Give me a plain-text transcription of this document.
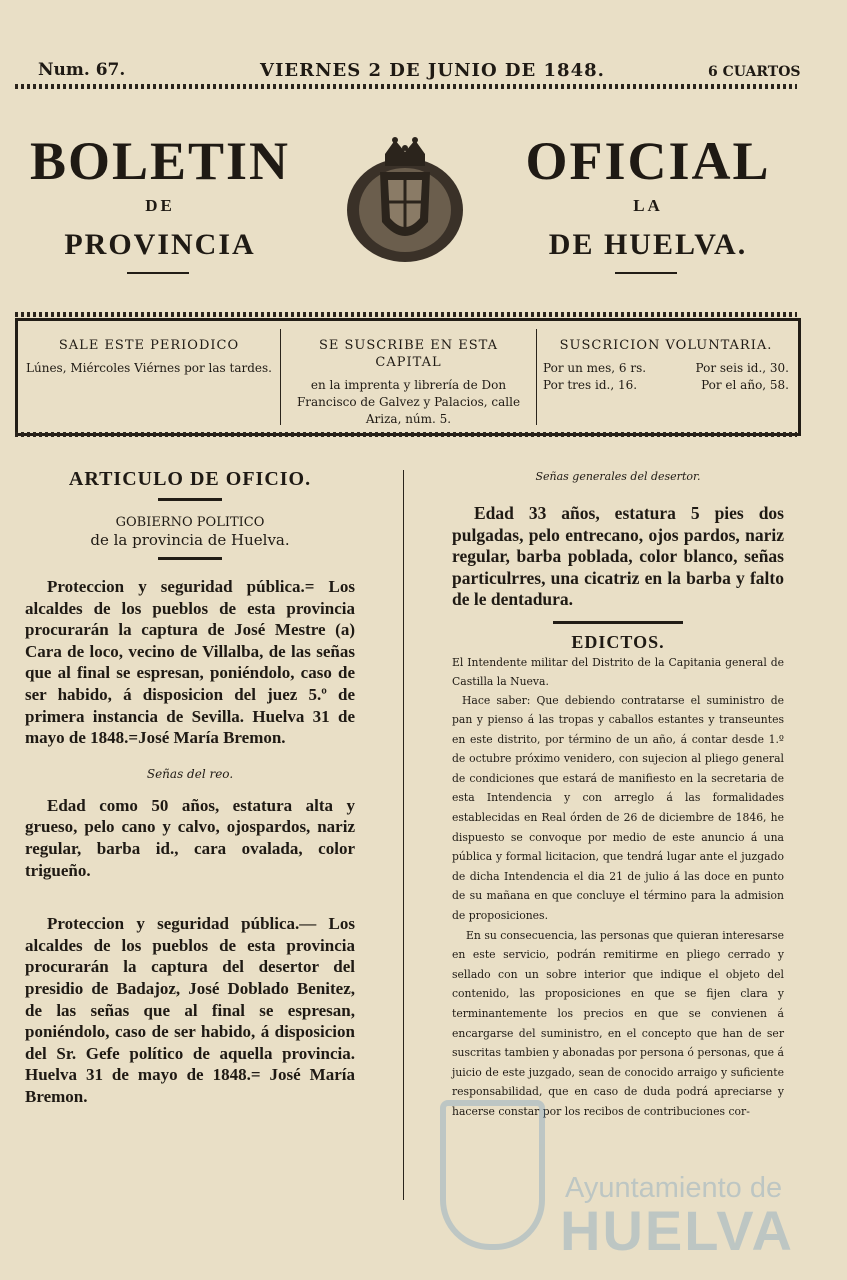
Num. 67.	VIERNES 2 DE JUNIO DE 1848.	6 CUARTOS
BOLETIN
DE
PROVINCIA
OFICIAL
LA
DE HUELVA.
SALE ESTE PERIODICO
Lúnes, Miércoles Viérnes por las tardes.
SE SUSCRIBE EN ESTA CAPITAL
en la imprenta y librería de Don Francisco de Galvez y Palacios, calle Ariza, núm. 5.
SUSCRICION VOLUNTARIA.
Por un mes, 6 rs.	Por seis id., 30.
Por tres id., 16.	Por el año, 58.
ARTICULO DE OFICIO.
GOBIERNO POLITICO
de la provincia de Huelva.
Proteccion y seguridad pública.= Los alcaldes de los pueblos de esta provincia procurarán la captura de José Mestre (a) Cara de loco, vecino de Villalba, de las señas que al final se espresan, poniéndolo, caso de ser habido, á disposicion del juez 5.º de primera instancia de Sevilla. Huelva 31 de mayo de 1848.=José María Bremon.
Señas del reo.
Edad como 50 años, estatura alta y grueso, pelo cano y calvo, ojospardos, nariz regular, barba id., cara ovalada, color trigueño.
Proteccion y seguridad pública.— Los alcaldes de los pueblos de esta provincia procurarán la captura del desertor del presidio de Badajoz, José Doblado Benitez, de las señas que al final se espresan, poniéndolo, caso de ser habido, á disposicion del Sr. Gefe político de aquella provincia. Huelva 31 de mayo de 1848.= José María Bremon.
Señas generales del desertor.
Edad 33 años, estatura 5 pies dos pulgadas, pelo entrecano, ojos pardos, nariz regular, barba poblada, color blanco, señas particulrres, una cicatriz en la barba y falto de le dentadura.
EDICTOS.
El Intendente militar del Distrito de la Capitania general de Castilla la Nueva.
Hace saber: Que debiendo contratarse el suministro de pan y pienso á las tropas y caballos estantes y transeuntes en este distrito, por término de un año, á contar desde 1.º de octubre próximo venidero, con sujecion al pliego general de condiciones que estará de manifiesto en la secretaria de esta Intendencia y con arreglo á las formalidades establecidas en Real órden de 26 de diciembre de 1846, he dispuesto se convoque por medio de este anuncio á una pública y formal licitacion, que tendrá lugar ante el juzgado de dicha Intendencia el dia 21 de julio á las doce en punto de su mañana en que concluye el término para la admision de proposiciones.
En su consecuencia, las personas que quieran interesarse en este servicio, podrán remitirme en pliego cerrado y sellado con un sobre interior que indique el objeto del contenido, las proposiciones en que se fijen clara y terminantemente los precios en que se convienen á encargarse del suministro, en el concepto que han de ser suscritas tambien y abonadas por persona ó personas, que á juicio de este juzgado, sean de conocido arraigo y suficiente responsabilidad, que en caso de duda podrá apreciarse y hacerse constar por los recibos de contribuciones cor-
Ayuntamiento de
HUELVA
